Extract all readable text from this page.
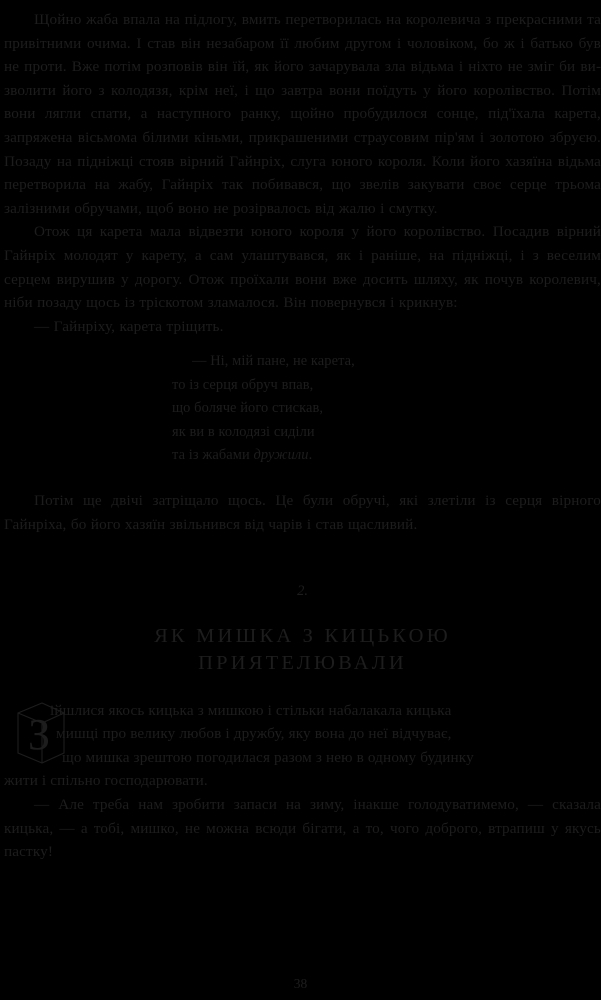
Щойно жаба впала на підлогу, вмить перетворилась на королевича з прекрасними та привітними очима. І став він незабаром її любим другом і чоловіком, бо ж і батько був не проти. Вже потім розповів він їй, як його зачарувала зла відьма і ніхто не зміг би визволити його з колодязя, крім неї, і що завтра вони поїдуть у його королівство. Потім вони лягли спати, а наступного ранку, щойно пробудилося сонце, під'їхала карета, запряжена вісьмома білими кіньми, прикрашеними страусовим пір'ям і золотою збруєю. Позаду на підніжці стояв вірний Гайнріх, слуга юного короля. Коли його хазяїна відьма перетворила на жабу, Гайнріх так побивався, що звелів закувати своє серце трьома залізними обручами, щоб воно не розірвалось від жалю і смутку.

Отож ця карета мала відвезти юного короля у його королівство. Посадив вірний Гайнріх молодят у карету, а сам улаштувався, як і раніше, на підніжці, і з веселим серцем вирушив у дорогу. Отож проїхали вони вже досить шляху, як почув королевич, ніби позаду щось із тріскотом зламалося. Він повернувся і крикнув:

— Гайнріху, карета тріщить.

— Ні, мій пане, не карета,
то із серця обруч впав,
що боляче його стискав,
як ви в колодязі сиділи
та із жабами дружили.

Потім ще двічі затріщало щось. Це були обручі, які злетіли із серця вірного Гайнріха, бо його хазяїн звільнився від чарів і став щасливий.

2.

ЯК МИШКА З КИЦЬКОЮ
ПРИЯТЕЛЮВАЛИ
З ійшлися якось кицька з мишкою і стільки набалакала кицька
мишці про велику любов і дружбу, яку вона до неї відчуває,
що мишка зрештою погодилася разом з нею в одному будинку
жити і спільно господарювати.

— Але треба нам зробити запаси на зиму, інакше голодуватимемо, — сказала кицька, — а тобі, мишко, не можна всюди бігати, а то, чого доброго, втрапиш у якусь пастку!

38
